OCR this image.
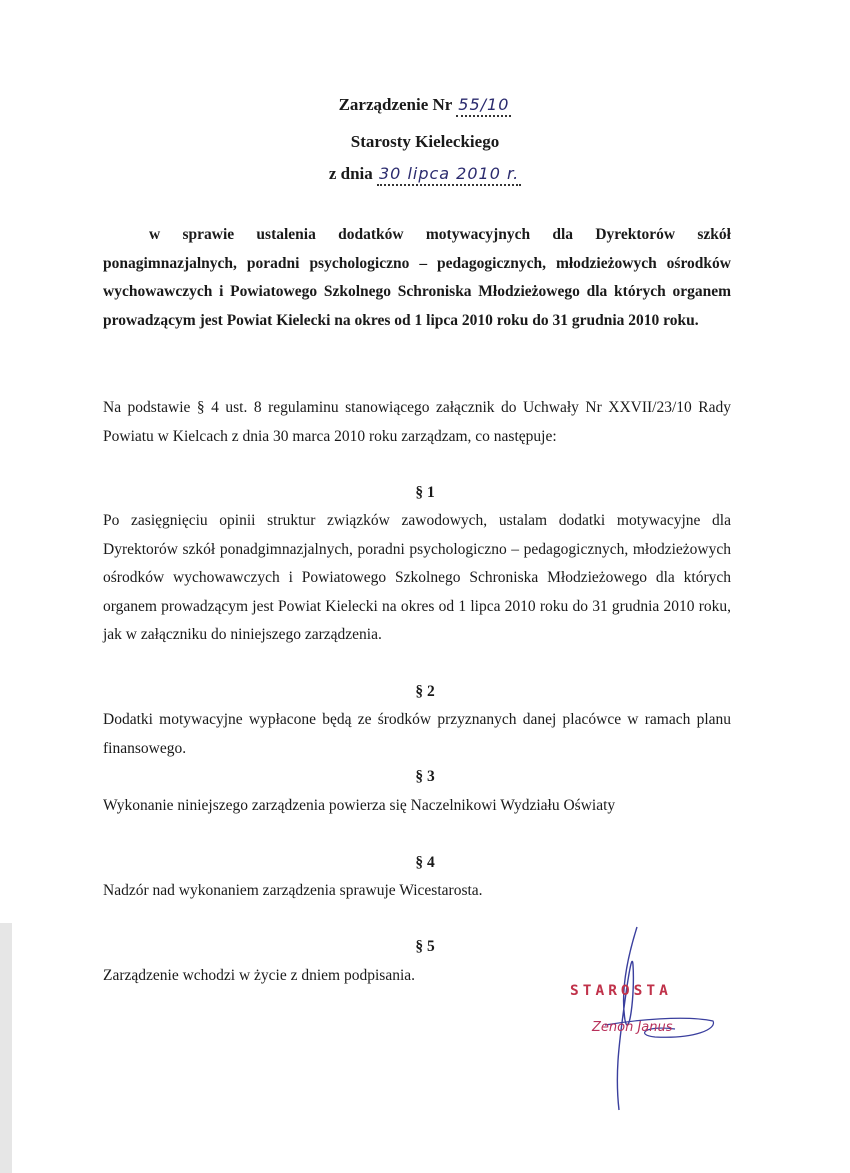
Zarządzenie Nr 55/10
Starosty Kieleckiego
z dnia 30 lipca 2010 r.
w sprawie ustalenia dodatków motywacyjnych dla Dyrektorów szkół ponagimnazjalnych, poradni psychologiczno – pedagogicznych, młodzieżowych ośrodków wychowawczych i Powiatowego Szkolnego Schroniska Młodzieżowego dla których organem prowadzącym jest Powiat Kielecki na okres od 1 lipca 2010 roku do 31 grudnia 2010 roku.
Na podstawie § 4 ust. 8 regulaminu stanowiącego załącznik do Uchwały Nr XXVII/23/10 Rady Powiatu w Kielcach z dnia 30 marca 2010 roku zarządzam, co następuje:
§ 1
Po zasięgnięciu opinii struktur związków zawodowych, ustalam dodatki motywacyjne dla Dyrektorów szkół ponadgimnazjalnych, poradni psychologiczno – pedagogicznych, młodzieżowych ośrodków wychowawczych i Powiatowego Szkolnego Schroniska Młodzieżowego dla których organem prowadzącym jest Powiat Kielecki na okres od 1 lipca 2010 roku do 31 grudnia 2010 roku, jak w załączniku do niniejszego zarządzenia.
§ 2
Dodatki motywacyjne wypłacone będą ze środków przyznanych danej placówce w ramach planu finansowego.
§ 3
Wykonanie niniejszego zarządzenia powierza się Naczelnikowi Wydziału Oświaty
§ 4
Nadzór nad wykonaniem zarządzenia sprawuje Wicestarosta.
§ 5
Zarządzenie wchodzi w życie z dniem podpisania.
STAROSTA
Zenon Janus
